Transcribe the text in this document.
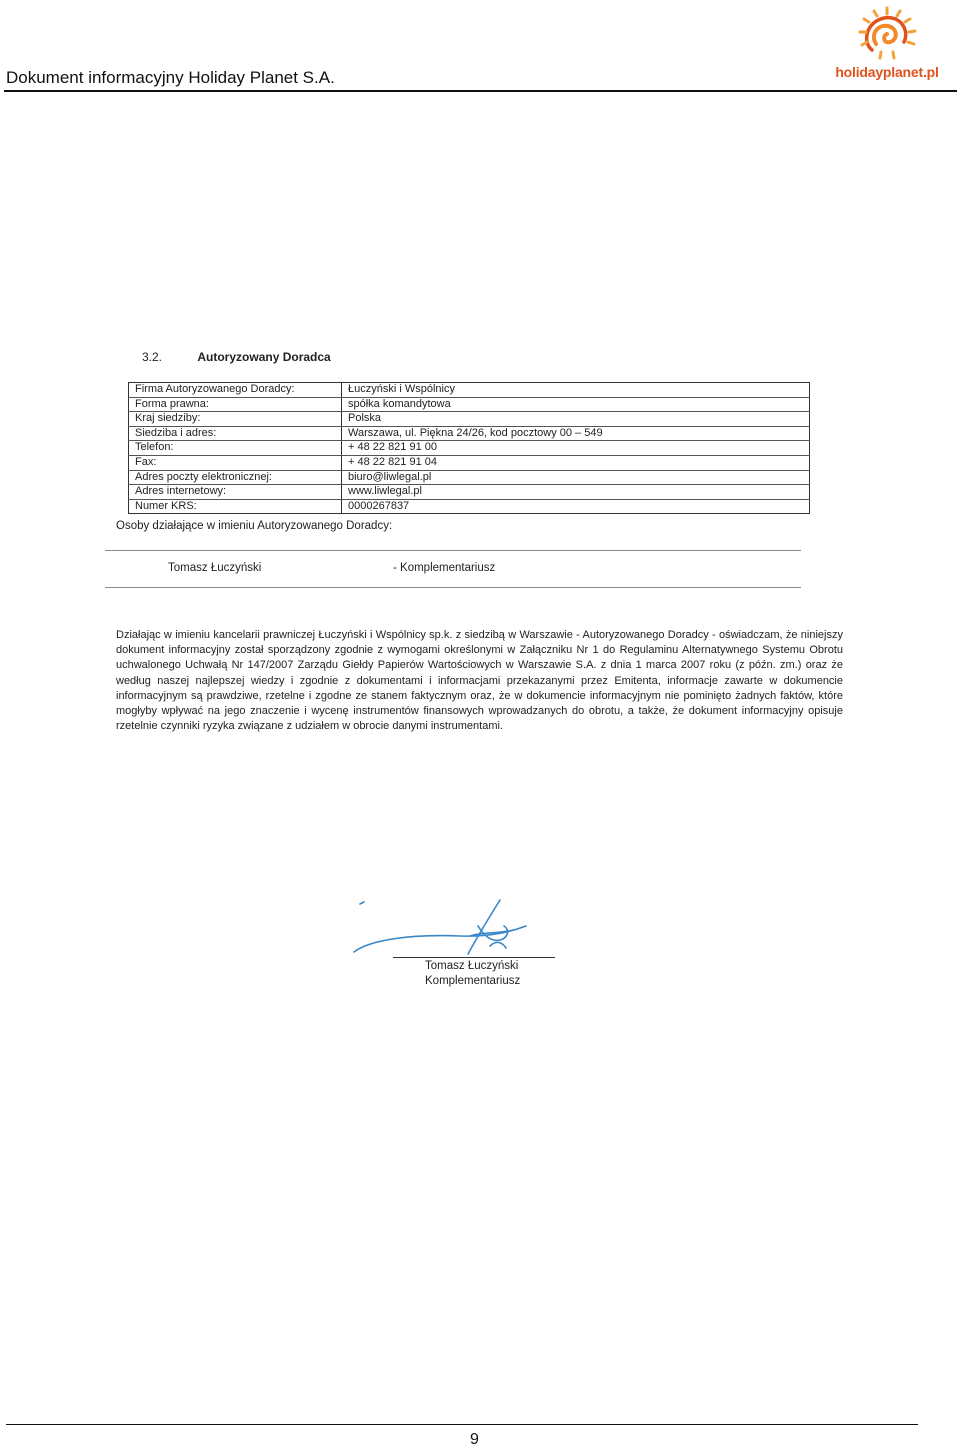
Dokument informacyjny Holiday Planet S.A.	holidayplanet.pl
3.2.	Autoryzowany Doradca
Firma Autoryzowanego Doradcy:	Łuczyński i Wspólnicy
Forma prawna:	spółka komandytowa
Kraj siedziby:	Polska
Siedziba i adres:	Warszawa, ul. Piękna 24/26, kod pocztowy 00 – 549
Telefon:	+ 48 22 821 91 00
Fax:	+ 48 22 821 91 04
Adres poczty elektronicznej:	biuro@liwlegal.pl
Adres internetowy:	www.liwlegal.pl
Numer KRS:	0000267837
Osoby działające w imieniu Autoryzowanego Doradcy:
Tomasz Łuczyński	- Komplementariusz
Działając w imieniu kancelarii prawniczej Łuczyński i Wspólnicy sp.k. z siedzibą w Warszawie - Autoryzowanego Doradcy - oświadczam, że niniejszy dokument informacyjny został sporządzony zgodnie z wymogami określonymi w Załączniku Nr 1 do Regulaminu Alternatywnego Systemu Obrotu uchwalonego Uchwałą Nr 147/2007 Zarządu Giełdy Papierów Wartościowych w Warszawie S.A. z dnia 1 marca 2007 roku (z późn. zm.) oraz że według naszej najlepszej wiedzy i zgodnie z dokumentami i informacjami przekazanymi przez Emitenta, informacje zawarte w dokumencie informacyjnym są prawdziwe, rzetelne i zgodne ze stanem faktycznym oraz, że w dokumencie informacyjnym nie pominięto żadnych faktów, które mogłyby wpływać na jego znaczenie i wycenę instrumentów finansowych wprowadzanych do obrotu, a także, że dokument informacyjny opisuje rzetelnie czynniki ryzyka związane z udziałem w obrocie danymi instrumentami.
Tomasz Łuczyński
Komplementariusz
9
